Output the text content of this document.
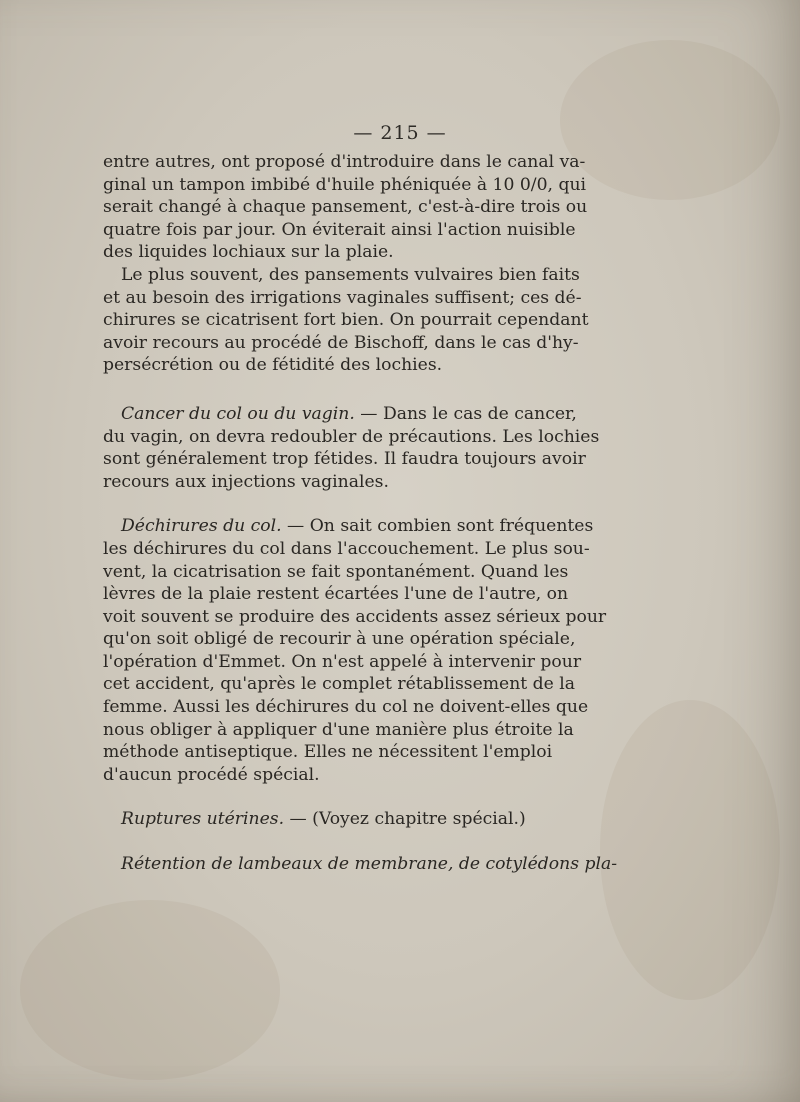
— 215 —
entre autres, ont proposé d'introduire dans le canal va-
ginal un tampon imbibé d'huile phéniquée à 10 0/0, qui
serait changé à chaque pansement, c'est-à-dire trois ou
quatre fois par jour. On éviterait ainsi l'action nuisible
des liquides lochiaux sur la plaie.
Le plus souvent, des pansements vulvaires bien faits
et au besoin des irrigations vaginales suffisent; ces dé-
chirures se cicatrisent fort bien. On pourrait cependant
avoir recours au procédé de Bischoff, dans le cas d'hy-
persécrétion ou de fétidité des lochies.
Cancer du col ou du vagin. — Dans le cas de cancer,
du vagin, on devra redoubler de précautions. Les lochies
sont généralement trop fétides. Il faudra toujours avoir
recours aux injections vaginales.
Déchirures du col. — On sait combien sont fréquentes
les déchirures du col dans l'accouchement. Le plus sou-
vent, la cicatrisation se fait spontanément. Quand les
lèvres de la plaie restent écartées l'une de l'autre, on
voit souvent se produire des accidents assez sérieux pour
qu'on soit obligé de recourir à une opération spéciale,
l'opération d'Emmet. On n'est appelé à intervenir pour
cet accident, qu'après le complet rétablissement de la
femme. Aussi les déchirures du col ne doivent-elles que
nous obliger à appliquer d'une manière plus étroite la
méthode antiseptique. Elles ne nécessitent l'emploi
d'aucun procédé spécial.
Ruptures utérines. — (Voyez chapitre spécial.)
Rétention de lambeaux de membrane, de cotylédons pla-
